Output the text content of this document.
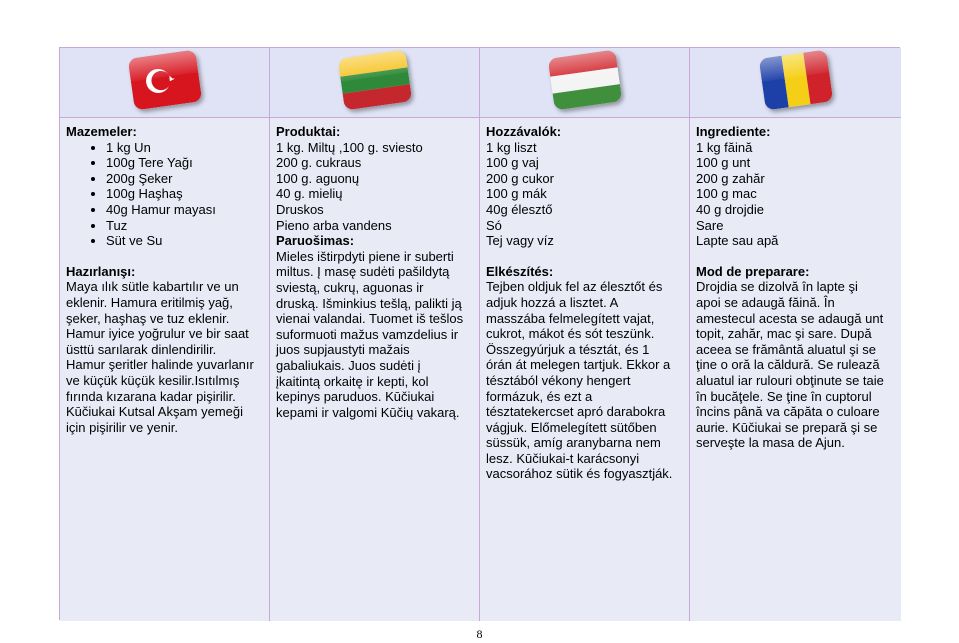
Mazemeler:
• 1 kg Un
• 100g Tere Yağı
• 200g Şeker
• 100g Haşhaş
• 40g Hamur mayası
• Tuz
• Süt ve Su
Hazırlanışı:
Maya ılık sütle kabartılır ve un
eklenir. Hamura eritilmiş yağ,
şeker, haşhaş ve tuz eklenir.
Hamur iyice yoğrulur ve bir saat
üsttü sarılarak dinlendirilir.
Hamur şeritler halinde yuvarlanır
ve küçük küçük kesilir.Isıtılmış
fırında kızarana kadar pişirilir.
Kūčiukai Kutsal Akşam yemeği
için pişirilir ve yenir.
Produktai:
1 kg. Miltų ,100 g. sviesto
200 g. cukraus
100 g. aguonų
40 g. mielių
Druskos
Pieno arba vandens
Paruošimas:
Mieles ištirpdyti piene ir suberti
miltus. Į masę sudėti pašildytą
sviestą, cukrų, aguonas ir
druską. Išminkius tešlą, palikti ją
vienai valandai. Tuomet iš tešlos
suformuoti mažus vamzdelius ir
juos supjaustyti mažais
gabaliukais. Juos sudėti į
įkaitintą orkaitę ir kepti, kol
kepinys paruduos. Kūčiukai
kepami ir valgomi Kūčių vakarą.
Hozzávalók:
1 kg liszt
100 g vaj
200 g cukor
100 g mák
40g élesztő
Só
Tej vagy víz
Elkészítés:
Tejben oldjuk fel az élesztőt és
adjuk hozzá a lisztet. A
masszába felmelegített vajat,
cukrot, mákot és sót teszünk.
Összegyúrjuk a tésztát, és 1
órán át melegen tartjuk. Ekkor a
tésztából vékony hengert
formázuk, és ezt a
tésztatekercset apró darabokra
vágjuk. Előmelegített sütőben
süssük, amíg aranybarna nem
lesz. Kūčiukai-t karácsonyi
vacsorához sütik és fogyasztják.
Ingrediente:
1 kg făină
100 g unt
200 g zahăr
100 g mac
40 g drojdie
Sare
Lapte sau apă
Mod de preparare:
Drojdia se dizolvă în lapte şi
apoi se adaugă făină. În
amestecul acesta se adaugă unt
topit, zahăr, mac şi sare. După
aceea se frământă aluatul şi se
ţine o oră la căldură. Se rulează
aluatul iar rulouri obţinute se taie
în bucăţele. Se ţine în cuptorul
încins până va căpăta o culoare
aurie. Kūčiukai se prepară şi se
serveşte la masa de Ajun.
8
